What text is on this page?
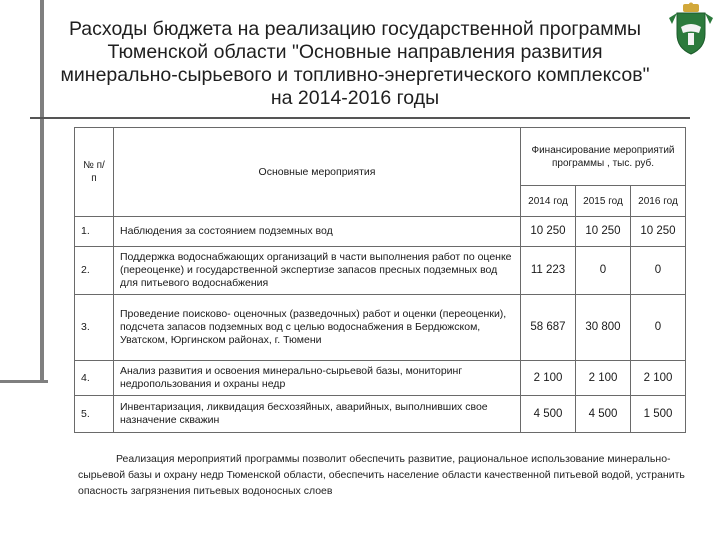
Расходы бюджета на реализацию государственной программы Тюменской области "Основные направления развития минерально-сырьевого и топливно-энергетического комплексов" на 2014-2016 годы
№ п/п	Основные мероприятия	Финансирование мероприятий программы , тыс. руб.		
		2014 год	2015 год	2016 год
1.	Наблюдения за состоянием подземных вод	10 250	10 250	10 250
2.	Поддержка водоснабжающих организаций в части выполнения работ по оценке (переоценке) и государственной экспертизе запасов пресных подземных вод для питьевого водоснабжения	11 223	0	0
3.	Проведение поисково- оценочных (разведочных) работ и оценки (переоценки), подсчета запасов подземных вод с целью водоснабжения в Бердюжском, Уватском, Юргинском районах, г. Тюмени	58 687	30 800	0
4.	Анализ развития и освоения минерально-сырьевой базы, мониторинг недропользования и охраны недр	2 100	2 100	2 100
5.	Инвентаризация, ликвидация бесхозяйных, аварийных, выполнивших свое назначение скважин	4 500	4 500	1 500
Реализация мероприятий программы позволит обеспечить развитие, рациональное использование минерально-сырьевой базы и охрану недр Тюменской области, обеспечить население области качественной питьевой водой, устранить опасность загрязнения питьевых водоносных слоев
